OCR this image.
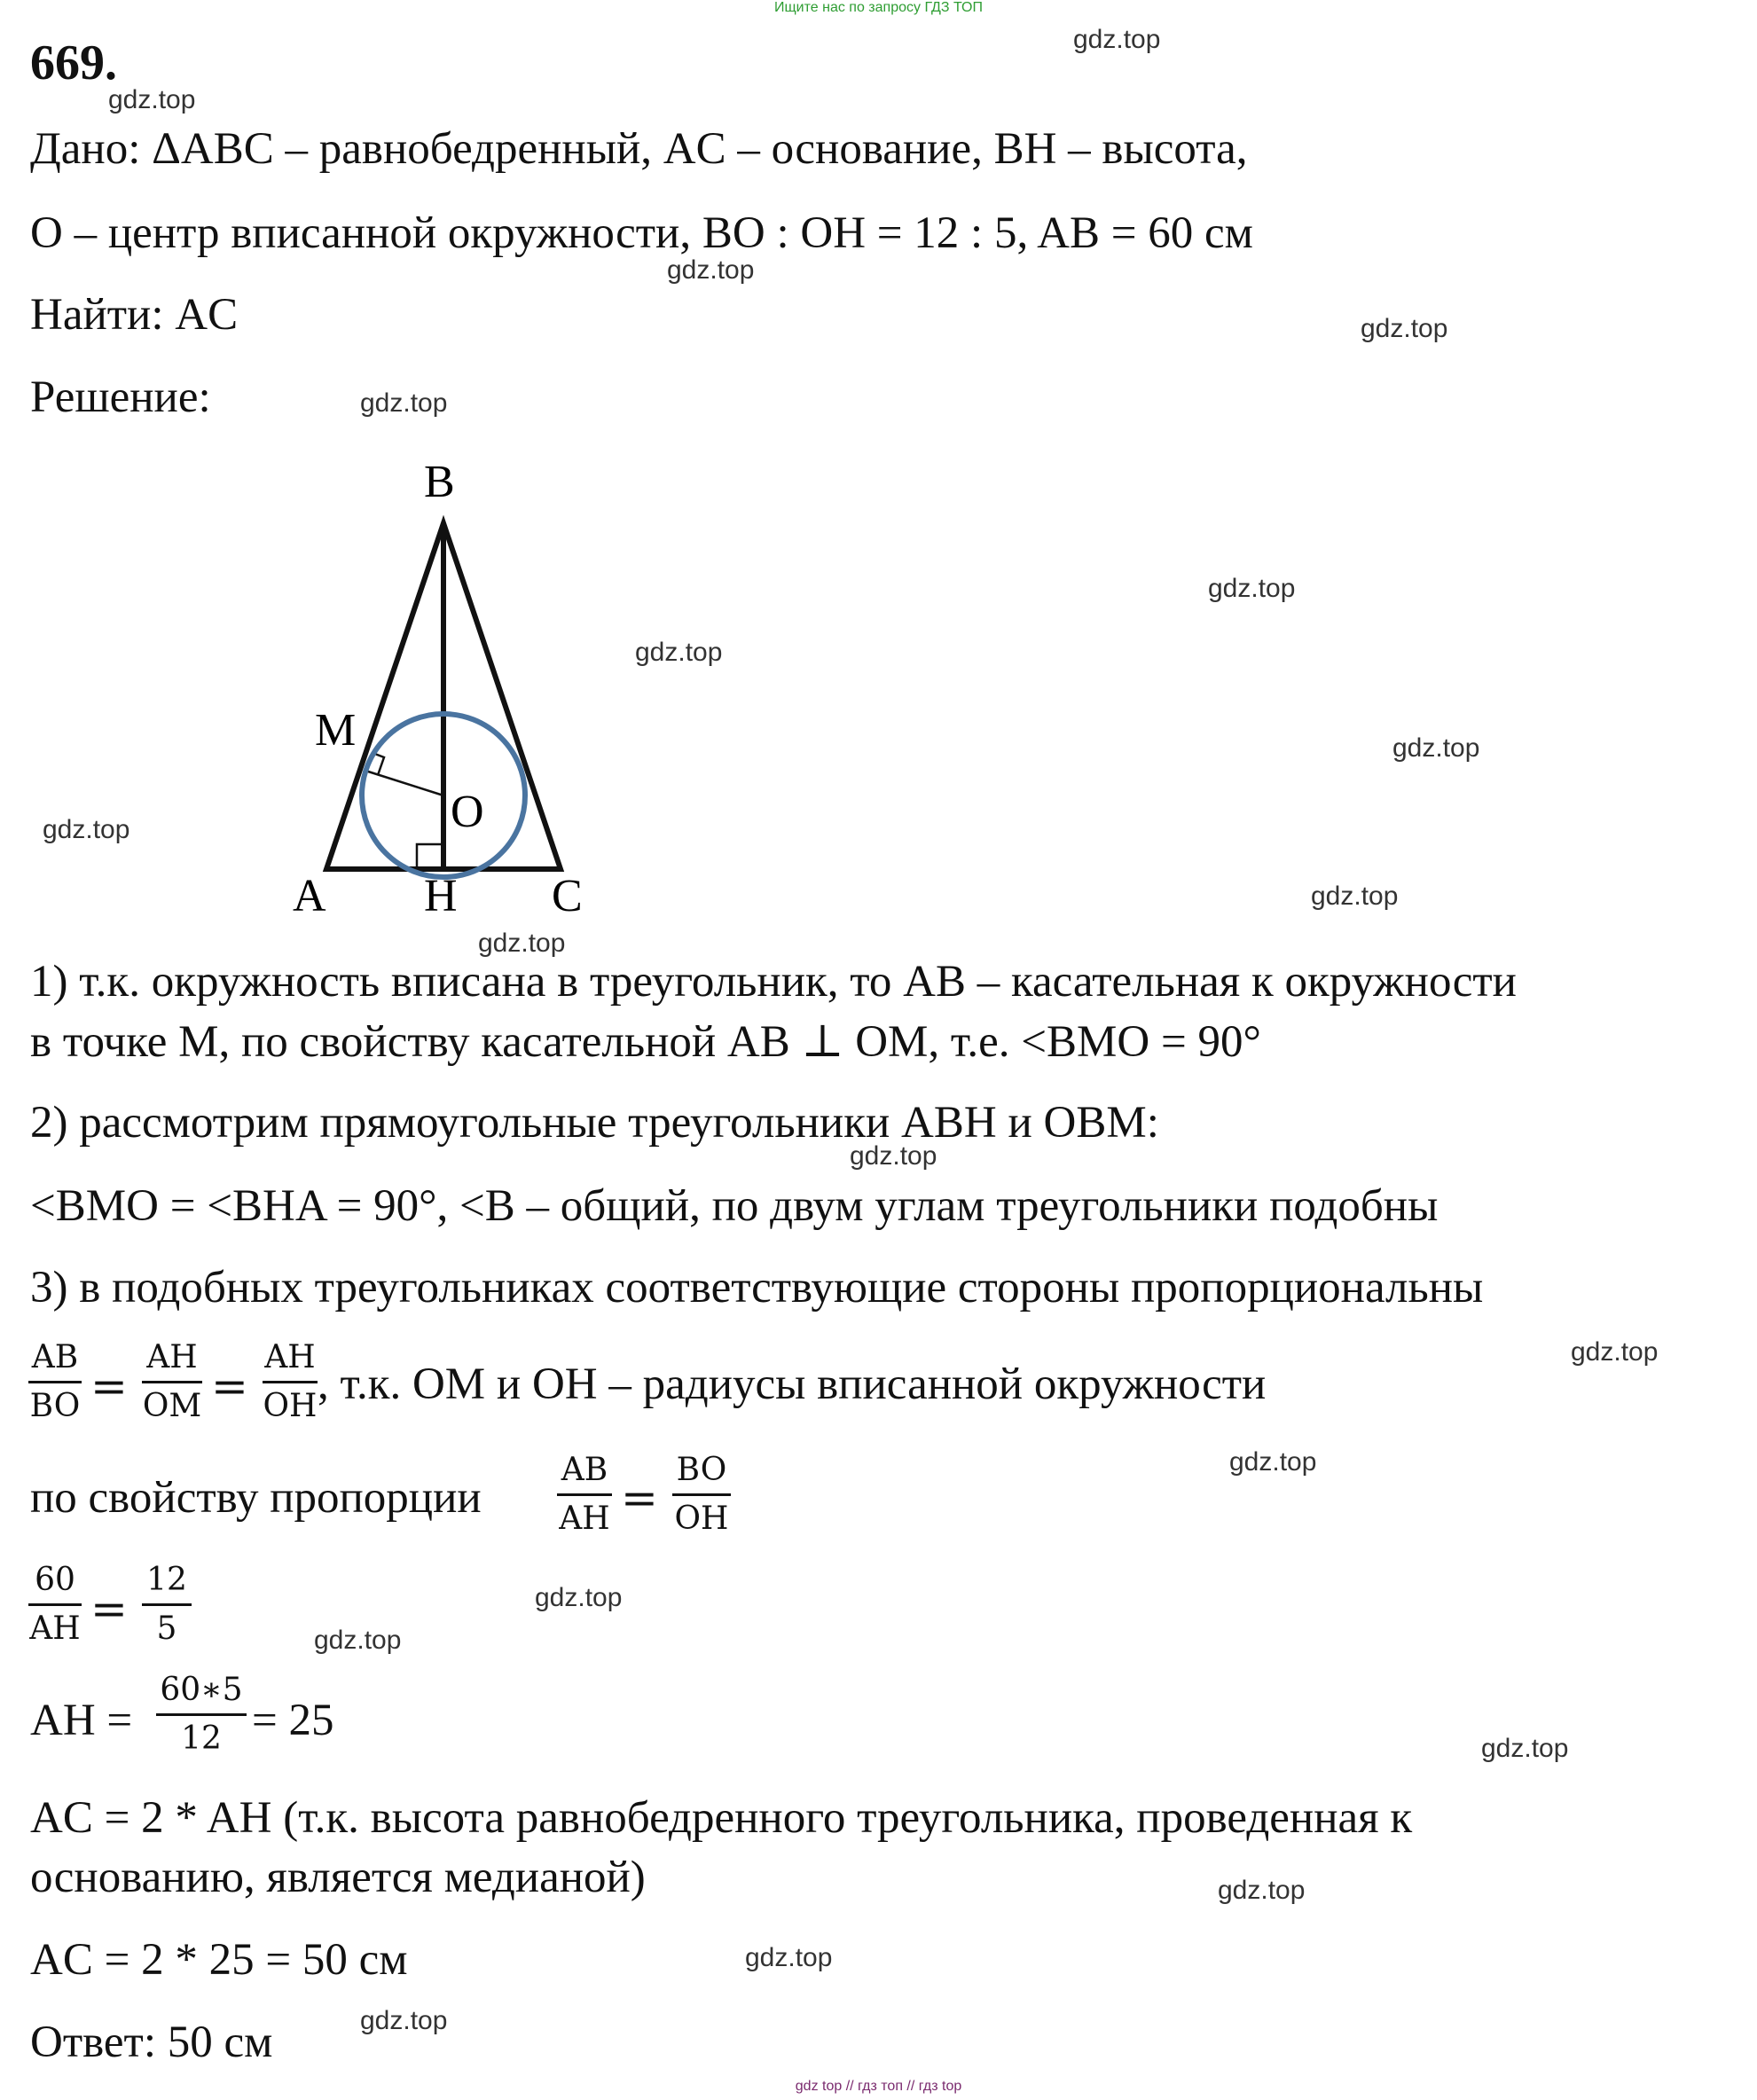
Ищите нас по запросу ГДЗ ТОП
gdz top // гдз топ // гдз top
gdz.top
gdz.top
gdz.top
gdz.top
gdz.top
gdz.top
gdz.top
gdz.top
gdz.top
gdz.top
gdz.top
gdz.top
gdz.top
gdz.top
gdz.top
gdz.top
gdz.top
gdz.top
gdz.top
gdz.top
669.
Дано: ΔABC – равнобедренный, AC – основание, BH – высота,
O – центр вписанной окружности, BO : OH = 12 : 5, AB = 60 см
Найти: AC
Решение:
B
M
O
A H C
1) т.к. окружность вписана в треугольник, то AB – касательная к окружности
в точке M, по свойству касательной AB ⊥ OM, т.е. <BMO = 90°
2) рассмотрим прямоугольные треугольники ABH и OBM:
<BMO = <BHA = 90°, <B – общий, по двум углам треугольники подобны
3) в подобных треугольниках соответствующие стороны пропорциональны
AB
BO =
AH
OM =
AH
OH , т.к. OM и OH – радиусы вписанной окружности
по свойству пропорции
AB
AH =
BO
OH
60
AH =
12
5
AH =
60∗5
12 = 25
AC = 2 * AH (т.к. высота равнобедренного треугольника, проведенная к
основанию, является медианой)
AC = 2 * 25 = 50 см
Ответ: 50 см
